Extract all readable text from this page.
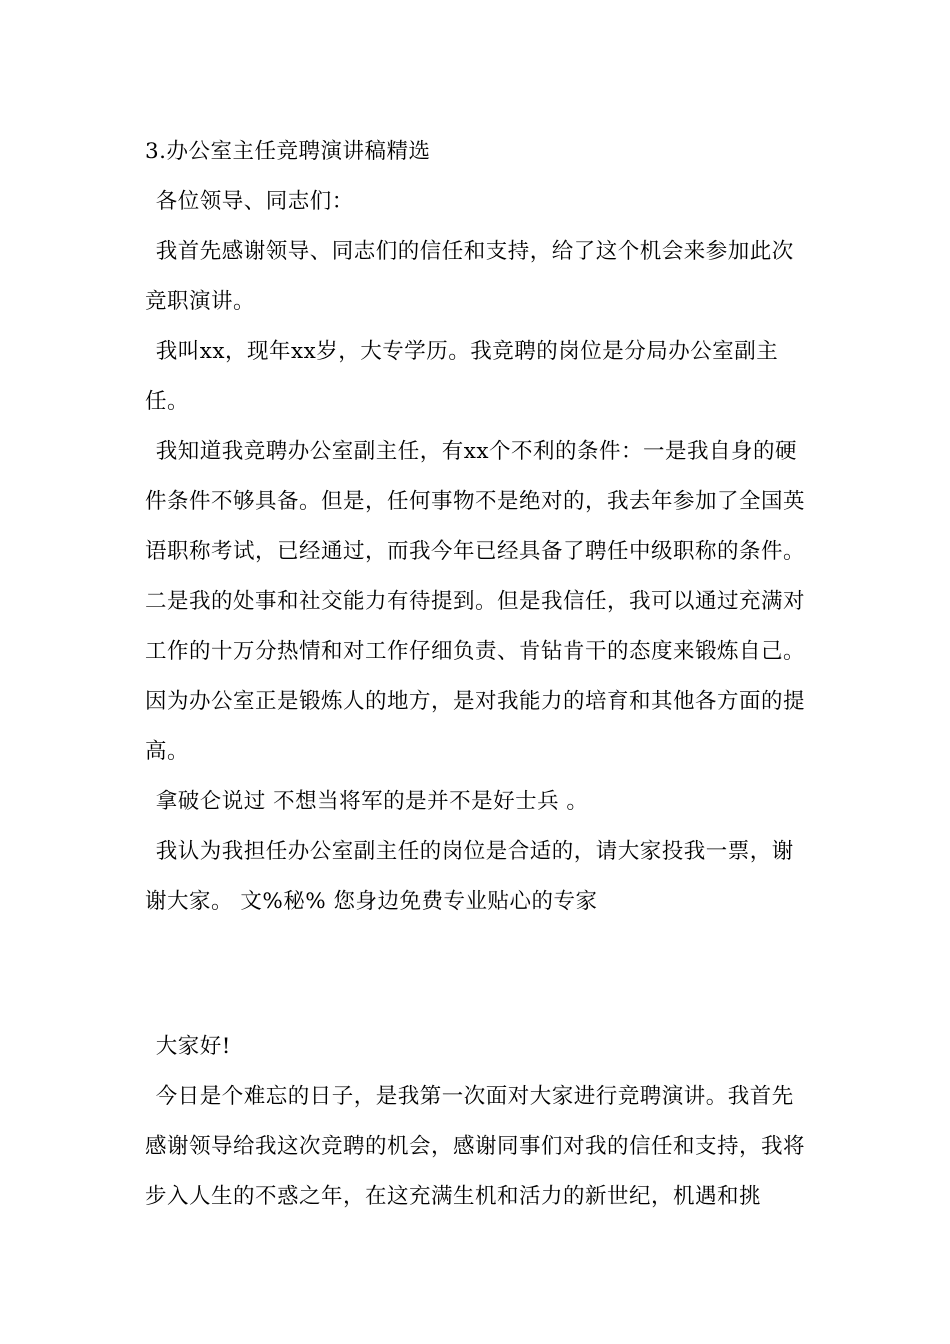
3.办公室主任竞聘演讲稿精选

各位领导、同志们：

我首先感谢领导、同志们的信任和支持，给了这个机会来参加此次竞职演讲。

我叫xx，现年xx岁，大专学历。我竞聘的岗位是分局办公室副主任。

我知道我竞聘办公室副主任，有xx个不利的条件：一是我自身的硬件条件不够具备。但是，任何事物不是绝对的，我去年参加了全国英语职称考试，已经通过，而我今年已经具备了聘任中级职称的条件。二是我的处事和社交能力有待提到。但是我信任，我可以通过充满对工作的十万分热情和对工作仔细负责、肯钻肯干的态度来锻炼自己。因为办公室正是锻炼人的地方，是对我能力的培育和其他各方面的提高。

拿破仑说过 不想当将军的是并不是好士兵 。

我认为我担任办公室副主任的岗位是合适的，请大家投我一票，谢谢大家。 文%秘% 您身边免费专业贴心的专家

大家好!

今日是个难忘的日子，是我第一次面对大家进行竞聘演讲。我首先感谢领导给我这次竞聘的机会，感谢同事们对我的信任和支持，我将步入人生的不惑之年，在这充满生机和活力的新世纪，机遇和挑
